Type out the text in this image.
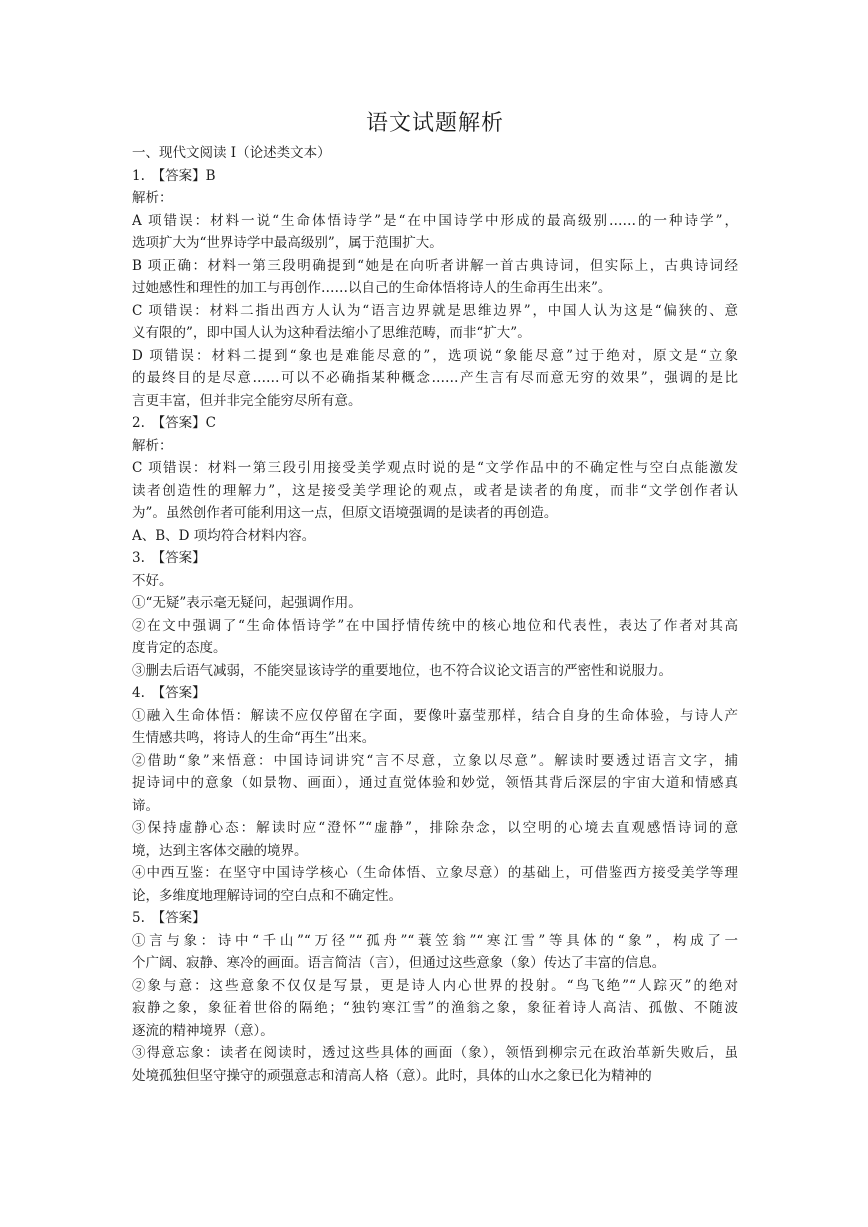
语文试题解析
一、现代文阅读 I（论述类文本）
1.　【答案】B
解析：
A 项错误：材料一说“生命体悟诗学”是“在中国诗学中形成的最高级别……的一种诗学”，
选项扩大为“世界诗学中最高级别”，属于范围扩大。
B 项正确：材料一第三段明确提到“她是在向听者讲解一首古典诗词，但实际上，古典诗词经
过她感性和理性的加工与再创作……以自己的生命体悟将诗人的生命再生出来”。
C 项错误：材料二指出西方人认为“语言边界就是思维边界”，中国人认为这是“偏狭的、意
义有限的”，即中国人认为这种看法缩小了思维范畴，而非“扩大”。
D 项错误：材料二提到“象也是难能尽意的”，选项说“象能尽意”过于绝对，原文是“立象
的最终目的是尽意……可以不必确指某种概念……产生言有尽而意无穷的效果”，强调的是比
言更丰富，但并非完全能穷尽所有意。
2.　【答案】C
解析：
C 项错误：材料一第三段引用接受美学观点时说的是“文学作品中的不确定性与空白点能激发
读者创造性的理解力”，这是接受美学理论的观点，或者是读者的角度，而非“文学创作者认
为”。虽然创作者可能利用这一点，但原文语境强调的是读者的再创造。
A、B、D 项均符合材料内容。
3.　【答案】
不好。
①“无疑”表示毫无疑问，起强调作用。
②在文中强调了“生命体悟诗学”在中国抒情传统中的核心地位和代表性，表达了作者对其高
度肯定的态度。
③删去后语气减弱，不能突显该诗学的重要地位，也不符合议论文语言的严密性和说服力。
4.　【答案】
①融入生命体悟：解读不应仅停留在字面，要像叶嘉莹那样，结合自身的生命体验，与诗人产
生情感共鸣，将诗人的生命“再生”出来。
②借助“象”来悟意：中国诗词讲究“言不尽意，立象以尽意”。解读时要透过语言文字，捕
捉诗词中的意象（如景物、画面），通过直觉体验和妙觉，领悟其背后深层的宇宙大道和情感真
谛。
③保持虚静心态：解读时应“澄怀”“虚静”，排除杂念，以空明的心境去直观感悟诗词的意
境，达到主客体交融的境界。
④中西互鉴：在坚守中国诗学核心（生命体悟、立象尽意）的基础上，可借鉴西方接受美学等理
论，多维度地理解诗词的空白点和不确定性。
5.　【答案】
①言与象：诗中“千山”“万径”“孤舟”“蓑笠翁”“寒江雪”等具体的“象”，构成了一
个广阔、寂静、寒冷的画面。语言简洁（言），但通过这些意象（象）传达了丰富的信息。
②象与意：这些意象不仅仅是写景，更是诗人内心世界的投射。“鸟飞绝”“人踪灭”的绝对
寂静之象，象征着世俗的隔绝；“独钓寒江雪”的渔翁之象，象征着诗人高洁、孤傲、不随波
逐流的精神境界（意）。
③得意忘象：读者在阅读时，透过这些具体的画面（象），领悟到柳宗元在政治革新失败后，虽
处境孤独但坚守操守的顽强意志和清高人格（意）。此时，具体的山水之象已化为精神的
